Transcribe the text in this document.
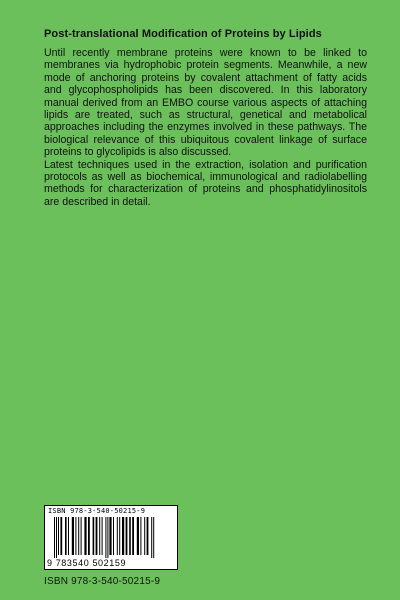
Post-translational Modification of Proteins by Lipids

Until recently membrane proteins were known to be linked to membranes via hydrophobic protein segments. Meanwhile, a new mode of anchoring proteins by covalent attachment of fatty acids and glycophospholipids has been discovered. In this laboratory manual derived from an EMBO course various aspects of attaching lipids are treated, such as structural, genetical and metabolical approaches including the enzymes involved in these pathways. The biological relevance of this ubiquitous covalent linkage of surface proteins to glycolipids is also discussed.

Latest techniques used in the extraction, isolation and purification protocols as well as biochemical, immunological and radiolabelling methods for characterization of proteins and phosphatidylinositols are described in detail.

ISBN 978-3-540-50215-9
9 783540 502159
ISBN 978-3-540-50215-9
